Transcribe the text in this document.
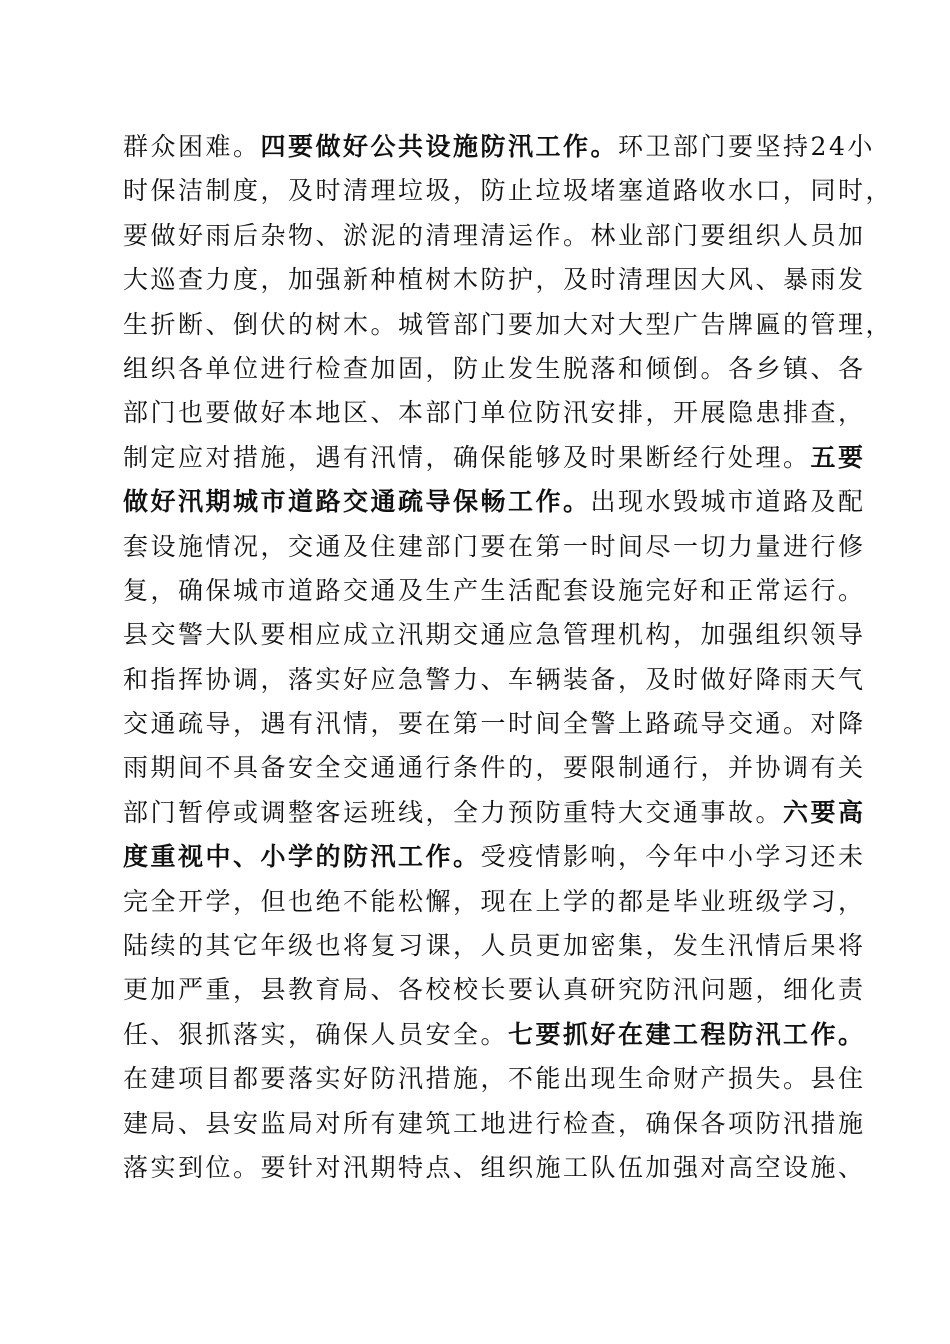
群众困难。四要做好公共设施防汛工作。环卫部门要坚持24小
时保洁制度，及时清理垃圾，防止垃圾堵塞道路收水口，同时，
要做好雨后杂物、淤泥的清理清运作。林业部门要组织人员加
大巡查力度，加强新种植树木防护，及时清理因大风、暴雨发
生折断、倒伏的树木。城管部门要加大对大型广告牌匾的管理，
组织各单位进行检查加固，防止发生脱落和倾倒。各乡镇、各
部门也要做好本地区、本部门单位防汛安排，开展隐患排查，
制定应对措施，遇有汛情，确保能够及时果断经行处理。五要
做好汛期城市道路交通疏导保畅工作。出现水毁城市道路及配
套设施情况，交通及住建部门要在第一时间尽一切力量进行修
复，确保城市道路交通及生产生活配套设施完好和正常运行。
县交警大队要相应成立汛期交通应急管理机构，加强组织领导
和指挥协调，落实好应急警力、车辆装备，及时做好降雨天气
交通疏导，遇有汛情，要在第一时间全警上路疏导交通。对降
雨期间不具备安全交通通行条件的，要限制通行，并协调有关
部门暂停或调整客运班线，全力预防重特大交通事故。六要高
度重视中、小学的防汛工作。受疫情影响，今年中小学习还未
完全开学，但也绝不能松懈，现在上学的都是毕业班级学习，
陆续的其它年级也将复习课，人员更加密集，发生汛情后果将
更加严重，县教育局、各校校长要认真研究防汛问题，细化责
任、狠抓落实，确保人员安全。七要抓好在建工程防汛工作。
在建项目都要落实好防汛措施，不能出现生命财产损失。县住
建局、县安监局对所有建筑工地进行检查，确保各项防汛措施
落实到位。要针对汛期特点、组织施工队伍加强对高空设施、
